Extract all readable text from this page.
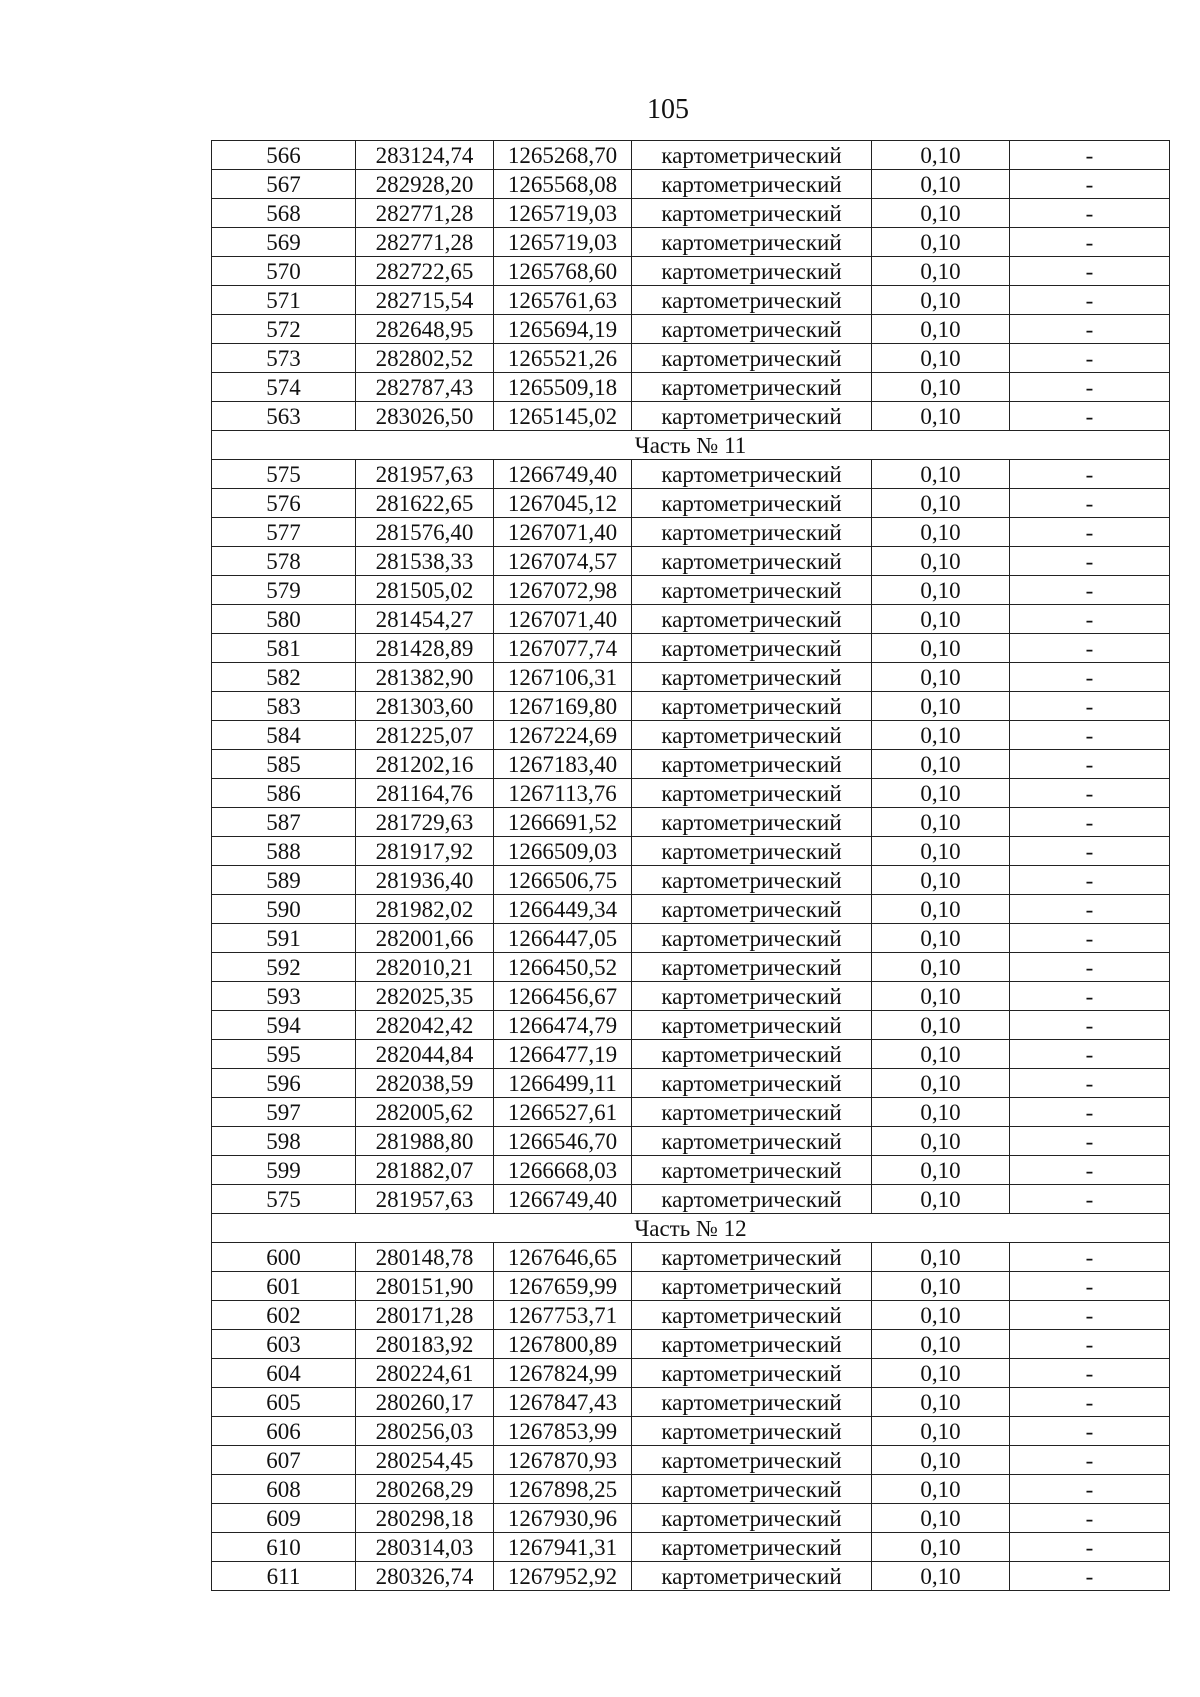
105
566	283124,74	1265268,70	картометрический	0,10	-
567	282928,20	1265568,08	картометрический	0,10	-
568	282771,28	1265719,03	картометрический	0,10	-
569	282771,28	1265719,03	картометрический	0,10	-
570	282722,65	1265768,60	картометрический	0,10	-
571	282715,54	1265761,63	картометрический	0,10	-
572	282648,95	1265694,19	картометрический	0,10	-
573	282802,52	1265521,26	картометрический	0,10	-
574	282787,43	1265509,18	картометрический	0,10	-
563	283026,50	1265145,02	картометрический	0,10	-
Часть № 11					
575	281957,63	1266749,40	картометрический	0,10	-
576	281622,65	1267045,12	картометрический	0,10	-
577	281576,40	1267071,40	картометрический	0,10	-
578	281538,33	1267074,57	картометрический	0,10	-
579	281505,02	1267072,98	картометрический	0,10	-
580	281454,27	1267071,40	картометрический	0,10	-
581	281428,89	1267077,74	картометрический	0,10	-
582	281382,90	1267106,31	картометрический	0,10	-
583	281303,60	1267169,80	картометрический	0,10	-
584	281225,07	1267224,69	картометрический	0,10	-
585	281202,16	1267183,40	картометрический	0,10	-
586	281164,76	1267113,76	картометрический	0,10	-
587	281729,63	1266691,52	картометрический	0,10	-
588	281917,92	1266509,03	картометрический	0,10	-
589	281936,40	1266506,75	картометрический	0,10	-
590	281982,02	1266449,34	картометрический	0,10	-
591	282001,66	1266447,05	картометрический	0,10	-
592	282010,21	1266450,52	картометрический	0,10	-
593	282025,35	1266456,67	картометрический	0,10	-
594	282042,42	1266474,79	картометрический	0,10	-
595	282044,84	1266477,19	картометрический	0,10	-
596	282038,59	1266499,11	картометрический	0,10	-
597	282005,62	1266527,61	картометрический	0,10	-
598	281988,80	1266546,70	картометрический	0,10	-
599	281882,07	1266668,03	картометрический	0,10	-
575	281957,63	1266749,40	картометрический	0,10	-
Часть № 12					
600	280148,78	1267646,65	картометрический	0,10	-
601	280151,90	1267659,99	картометрический	0,10	-
602	280171,28	1267753,71	картометрический	0,10	-
603	280183,92	1267800,89	картометрический	0,10	-
604	280224,61	1267824,99	картометрический	0,10	-
605	280260,17	1267847,43	картометрический	0,10	-
606	280256,03	1267853,99	картометрический	0,10	-
607	280254,45	1267870,93	картометрический	0,10	-
608	280268,29	1267898,25	картометрический	0,10	-
609	280298,18	1267930,96	картометрический	0,10	-
610	280314,03	1267941,31	картометрический	0,10	-
611	280326,74	1267952,92	картометрический	0,10	-
